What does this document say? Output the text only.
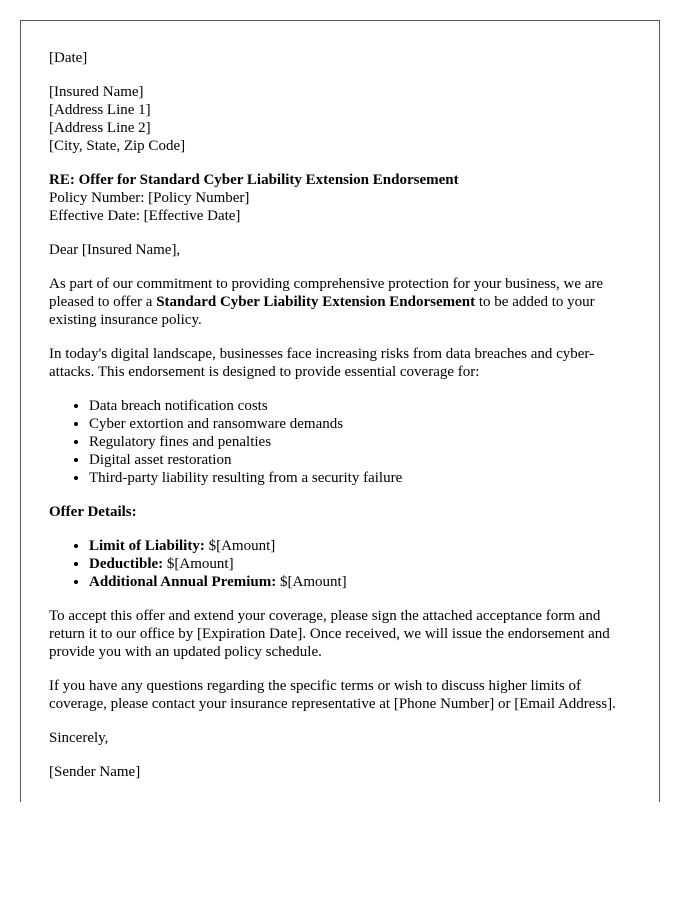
[Date]

[Insured Name]
[Address Line 1]
[Address Line 2]
[City, State, Zip Code]

RE: Offer for Standard Cyber Liability Extension Endorsement
Policy Number: [Policy Number]
Effective Date: [Effective Date]

Dear [Insured Name],

As part of our commitment to providing comprehensive protection for your business, we are pleased to offer a Standard Cyber Liability Extension Endorsement to be added to your existing insurance policy.

In today's digital landscape, businesses face increasing risks from data breaches and cyber-attacks. This endorsement is designed to provide essential coverage for:

• Data breach notification costs
• Cyber extortion and ransomware demands
• Regulatory fines and penalties
• Digital asset restoration
• Third-party liability resulting from a security failure

Offer Details:

• Limit of Liability: $[Amount]
• Deductible: $[Amount]
• Additional Annual Premium: $[Amount]

To accept this offer and extend your coverage, please sign the attached acceptance form and return it to our office by [Expiration Date]. Once received, we will issue the endorsement and provide you with an updated policy schedule.

If you have any questions regarding the specific terms or wish to discuss higher limits of coverage, please contact your insurance representative at [Phone Number] or [Email Address].

Sincerely,

[Sender Name]
